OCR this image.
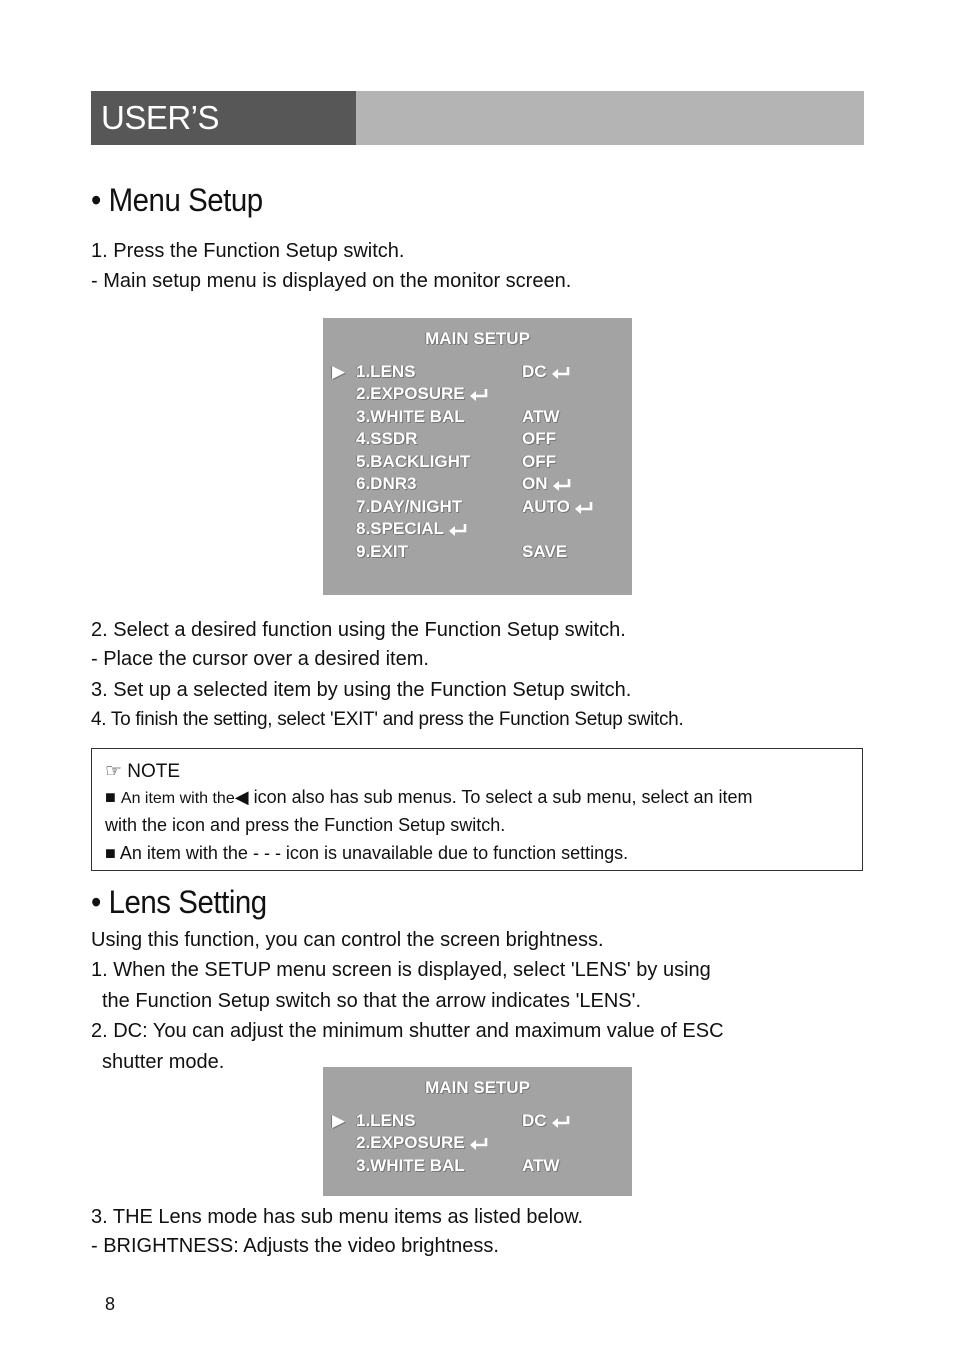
USER’S MANUAL
• Menu Setup
1. Press the Function Setup switch.
- Main setup menu is displayed on the monitor screen.
MAIN SETUP
▶ 1.LENS	DC
2.EXPOSURE
3.WHITE BAL	ATW
4.SSDR	OFF
5.BACKLIGHT	OFF
6.DNR3	ON
7.DAY/NIGHT	AUTO
8.SPECIAL
9.EXIT	SAVE
2. Select a desired function using the Function Setup switch.
- Place the cursor over a desired item.
3. Set up a selected item by using the Function Setup switch.
4. To finish the setting, select 'EXIT' and press the Function Setup switch.
☞ NOTE
■ An item with the◀ icon also has sub menus. To select a sub menu, select an item
with the icon and press the Function Setup switch.
■ An item with the - - - icon is unavailable due to function settings.
• Lens Setting
Using this function, you can control the screen brightness.
1. When the SETUP menu screen is displayed, select 'LENS' by using
the Function Setup switch so that the arrow indicates 'LENS'.
2. DC: You can adjust the minimum shutter and maximum value of ESC
shutter mode.
MAIN SETUP
▶ 1.LENS	DC
2.EXPOSURE
3.WHITE BAL	ATW
3. THE Lens mode has sub menu items as listed below.
- BRIGHTNESS: Adjusts the video brightness.
8
